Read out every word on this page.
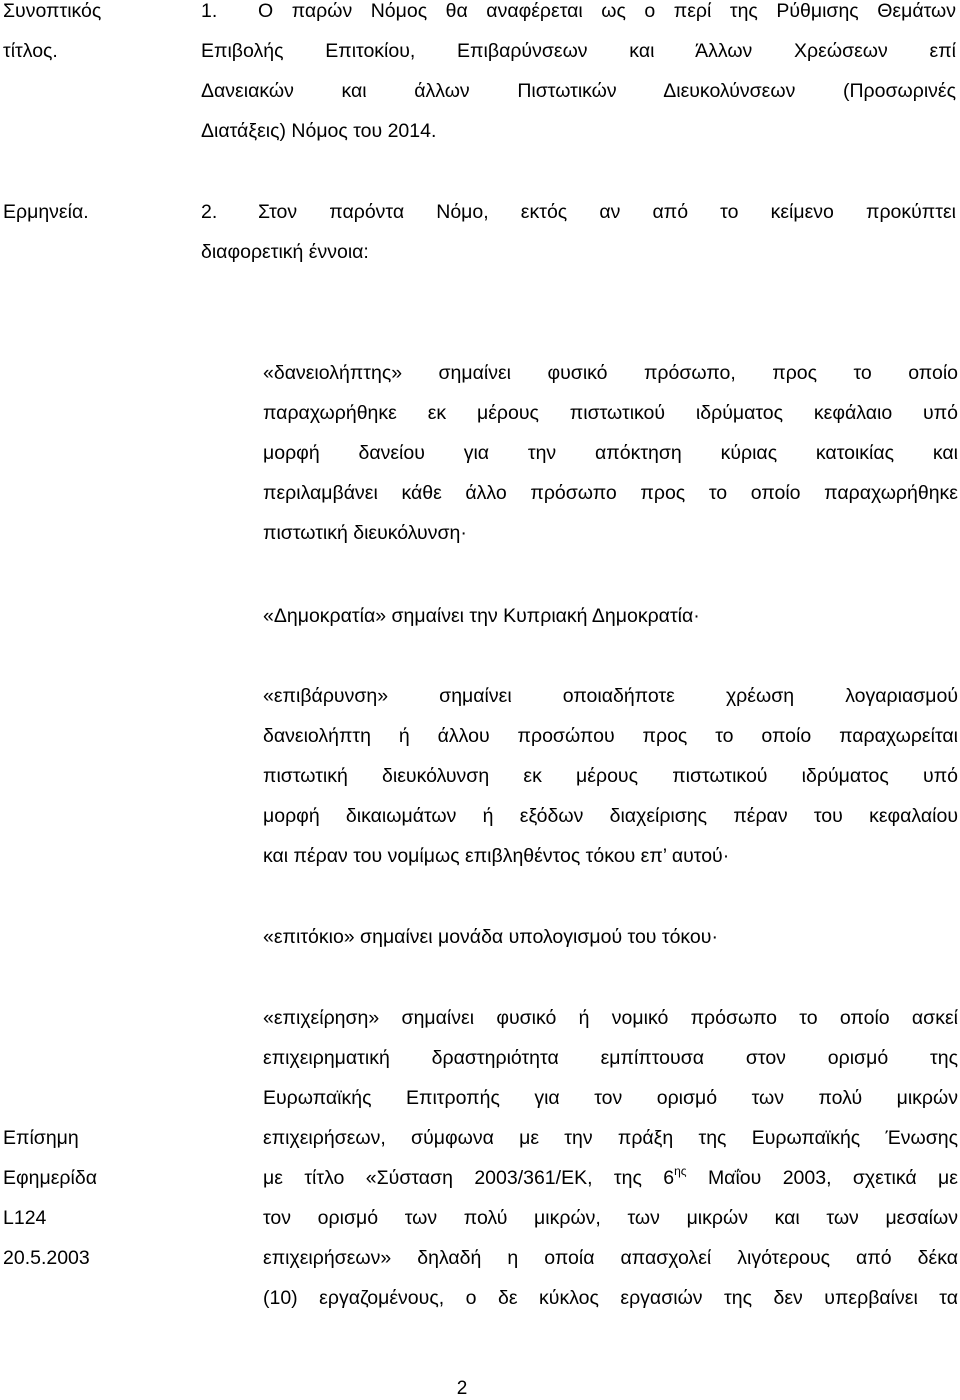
Συνοπτικός
τίτλος.
1. Ο παρών Νόμος θα αναφέρεται ως ο περί της Ρύθμισης Θεμάτων
Επιβολής Επιτοκίου, Επιβαρύνσεων και Άλλων Χρεώσεων επί
Δανειακών και άλλων Πιστωτικών Διευκολύνσεων (Προσωρινές
Διατάξεις) Νόμος του 2014.
Ερμηνεία.	2. Στον παρόντα Νόμο, εκτός αν από το κείμενο προκύπτει
διαφορετική έννοια:
«δανειολήπτης» σημαίνει φυσικό πρόσωπο, προς το οποίο
παραχωρήθηκε εκ μέρους πιστωτικού ιδρύματος κεφάλαιο υπό
μορφή δανείου για την απόκτηση κύριας κατοικίας και
περιλαμβάνει κάθε άλλο πρόσωπο προς το οποίο παραχωρήθηκε
πιστωτική διευκόλυνση·
«Δημοκρατία» σημαίνει την Κυπριακή Δημοκρατία·
«επιβάρυνση» σημαίνει οποιαδήποτε χρέωση λογαριασμού
δανειολήπτη ή άλλου προσώπου προς το οποίο παραχωρείται
πιστωτική διευκόλυνση εκ μέρους πιστωτικού ιδρύματος υπό
μορφή δικαιωμάτων ή εξόδων διαχείρισης πέραν του κεφαλαίου
και πέραν του νομίμως επιβληθέντος τόκου επ’ αυτού·
«επιτόκιο» σημαίνει μονάδα υπολογισμού του τόκου·
«επιχείρηση» σημαίνει φυσικό ή νομικό πρόσωπο το οποίο ασκεί
επιχειρηματική δραστηριότητα εμπίπτουσα στον ορισμό της
Ευρωπαϊκής Επιτροπής για τον ορισμό των πολύ μικρών
επιχειρήσεων, σύμφωνα με την πράξη της Ευρωπαϊκής Ένωσης
με τίτλο «Σύσταση 2003/361/ΕΚ, της $6^{\eta\varsigma}$ Μαΐου 2003, σχετικά με
τον ορισμό των πολύ μικρών, των μικρών και των μεσαίων
επιχειρήσεων» δηλαδή η οποία απασχολεί λιγότερους από δέκα
(10) εργαζομένους, ο δε κύκλος εργασιών της δεν υπερβαίνει τα
Επίσημη
Εφημερίδα
L124
20.5.2003
2
